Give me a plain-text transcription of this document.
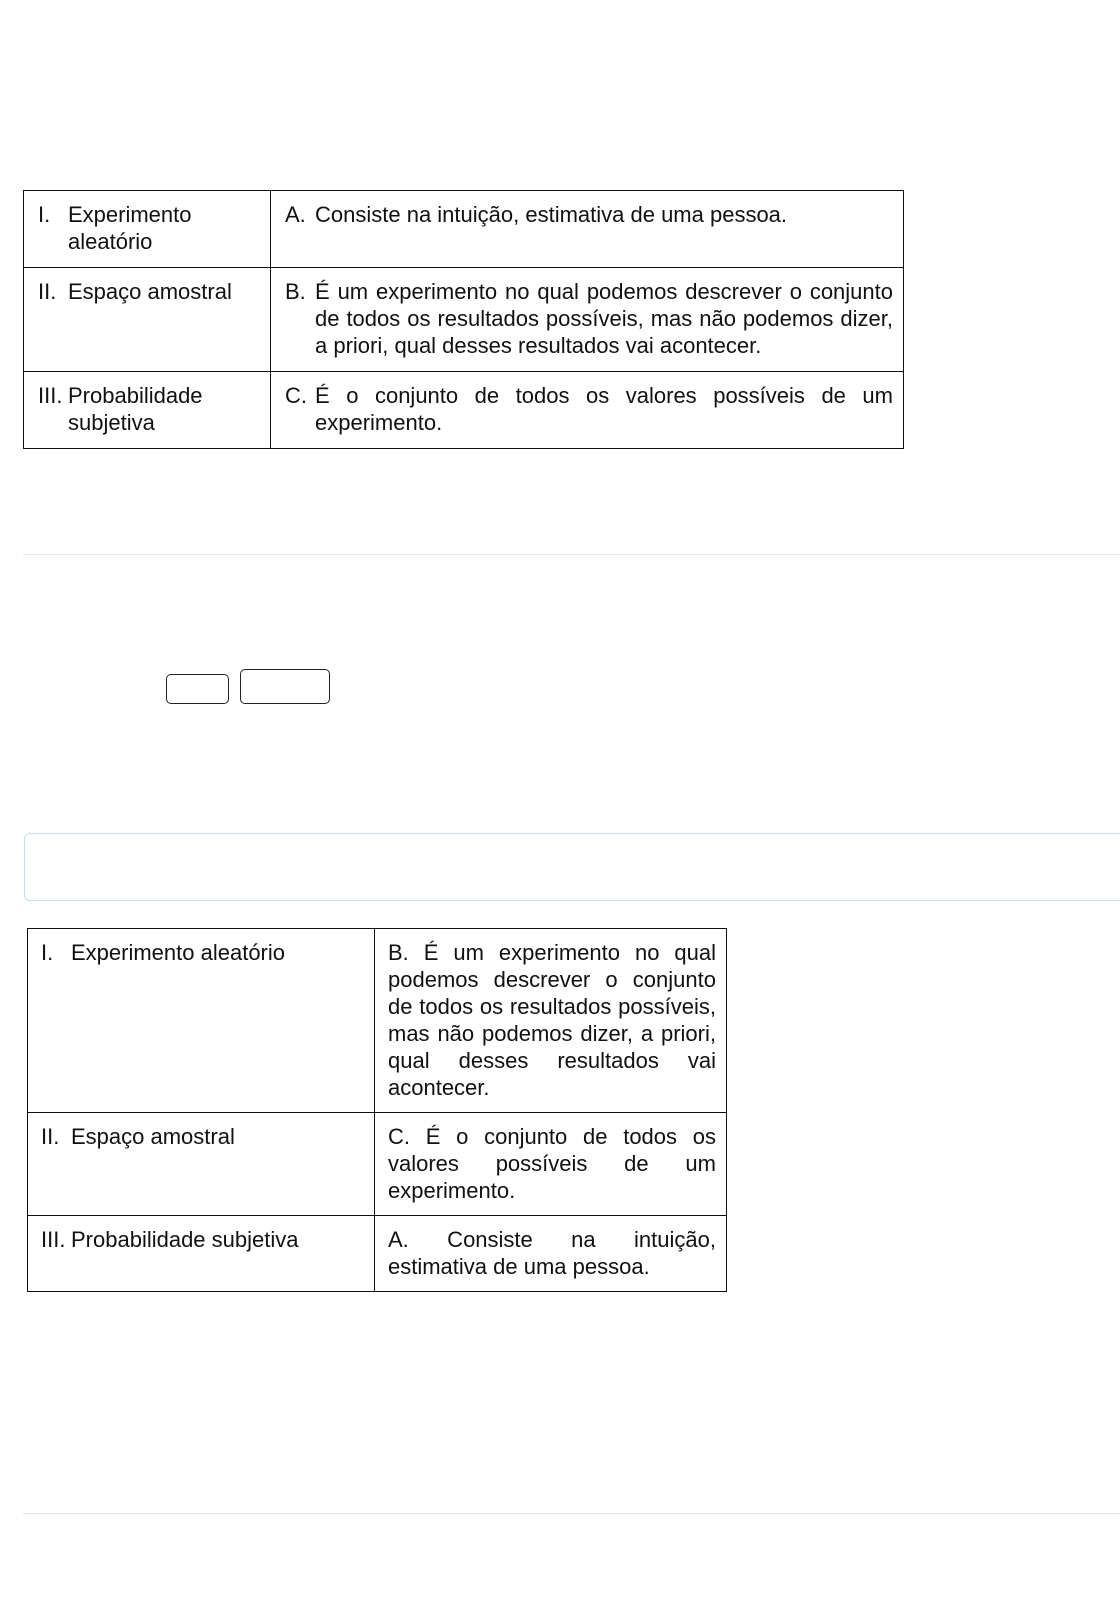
I. Experimento aleatório	A. Consiste na intuição, estimativa de uma pessoa.

II. Espaço amostral	B. É um experimento no qual podemos descrever o conjunto de todos os resultados possíveis, mas não podemos dizer, a priori, qual desses resultados vai acontecer.

III. Probabilidade subjetiva	C. É o conjunto de todos os valores possíveis de um experimento.
I. Experimento aleatório	B. É um experimento no qual podemos descrever o conjunto de todos os resultados possíveis, mas não podemos dizer, a priori, qual desses resultados vai acontecer.

II. Espaço amostral	C. É o conjunto de todos os valores possíveis de um experimento.

III. Probabilidade subjetiva	A. Consiste na intuição, estimativa de uma pessoa.
